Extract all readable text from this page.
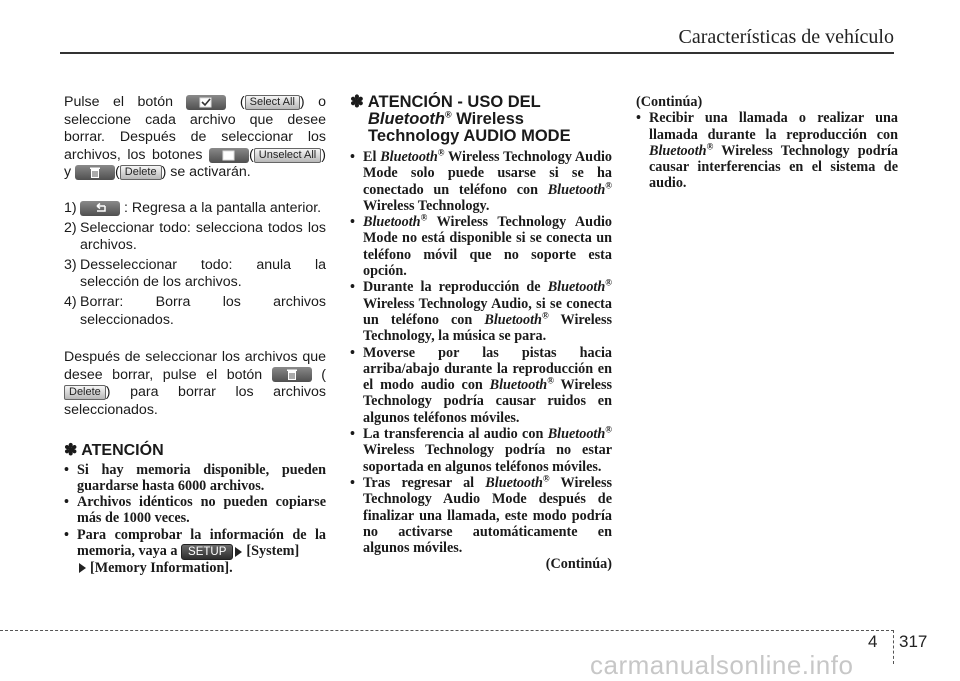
Características de vehículo

Pulse el botón	( Select All ) o seleccione cada archivo que desee borrar. Después de seleccionar los archivos, los botones	( Unselect All ) y	( Delete ) se activarán.

1)	: Regresa a la pantalla anterior.
2) Seleccionar todo: selecciona todos los archivos.
3) Desseleccionar todo: anula la selección de los archivos.
4) Borrar: Borra los archivos seleccionados.

Después de seleccionar los archivos que desee borrar, pulse el botón	(Delete ) para borrar los archivos seleccionados.

✽ ATENCIÓN
• Si hay memoria disponible, pueden guardarse hasta 6000 archivos.
• Archivos idénticos no pueden copiarse más de 1000 veces.
• Para comprobar la información de la memoria, vaya a SETUP [System]
[Memory Information].
✽ ATENCIÓN - USO DEL
Bluetooth® Wireless Technology AUDIO MODE
• El Bluetooth® Wireless Technology Audio Mode solo puede usarse si se ha conectado un teléfono con Bluetooth® Wireless Technology.
• Bluetooth® Wireless Technology Audio Mode no está disponible si se conecta un teléfono móvil que no soporte esta opción.
• Durante la reproducción de Bluetooth® Wireless Technology Audio, si se conecta un teléfono con Bluetooth® Wireless Technology, la música se para.
• Moverse por las pistas hacia arriba/abajo durante la reproducción en el modo audio con Bluetooth® Wireless Technology podría causar ruidos en algunos teléfonos móviles.
• La transferencia al audio con Bluetooth® Wireless Technology podría no estar soportada en algunos teléfonos móviles.
• Tras regresar al Bluetooth® Wireless Technology Audio Mode después de finalizar una llamada, este modo podría no activarse automáticamente en algunos móviles.

(Continúa)

(Continúa)

• Recibir una llamada o realizar una llamada durante la reproducción con Bluetooth® Wireless Technology podría causar interferencias en el sistema de audio.
4 317
carmanualsonline.info
